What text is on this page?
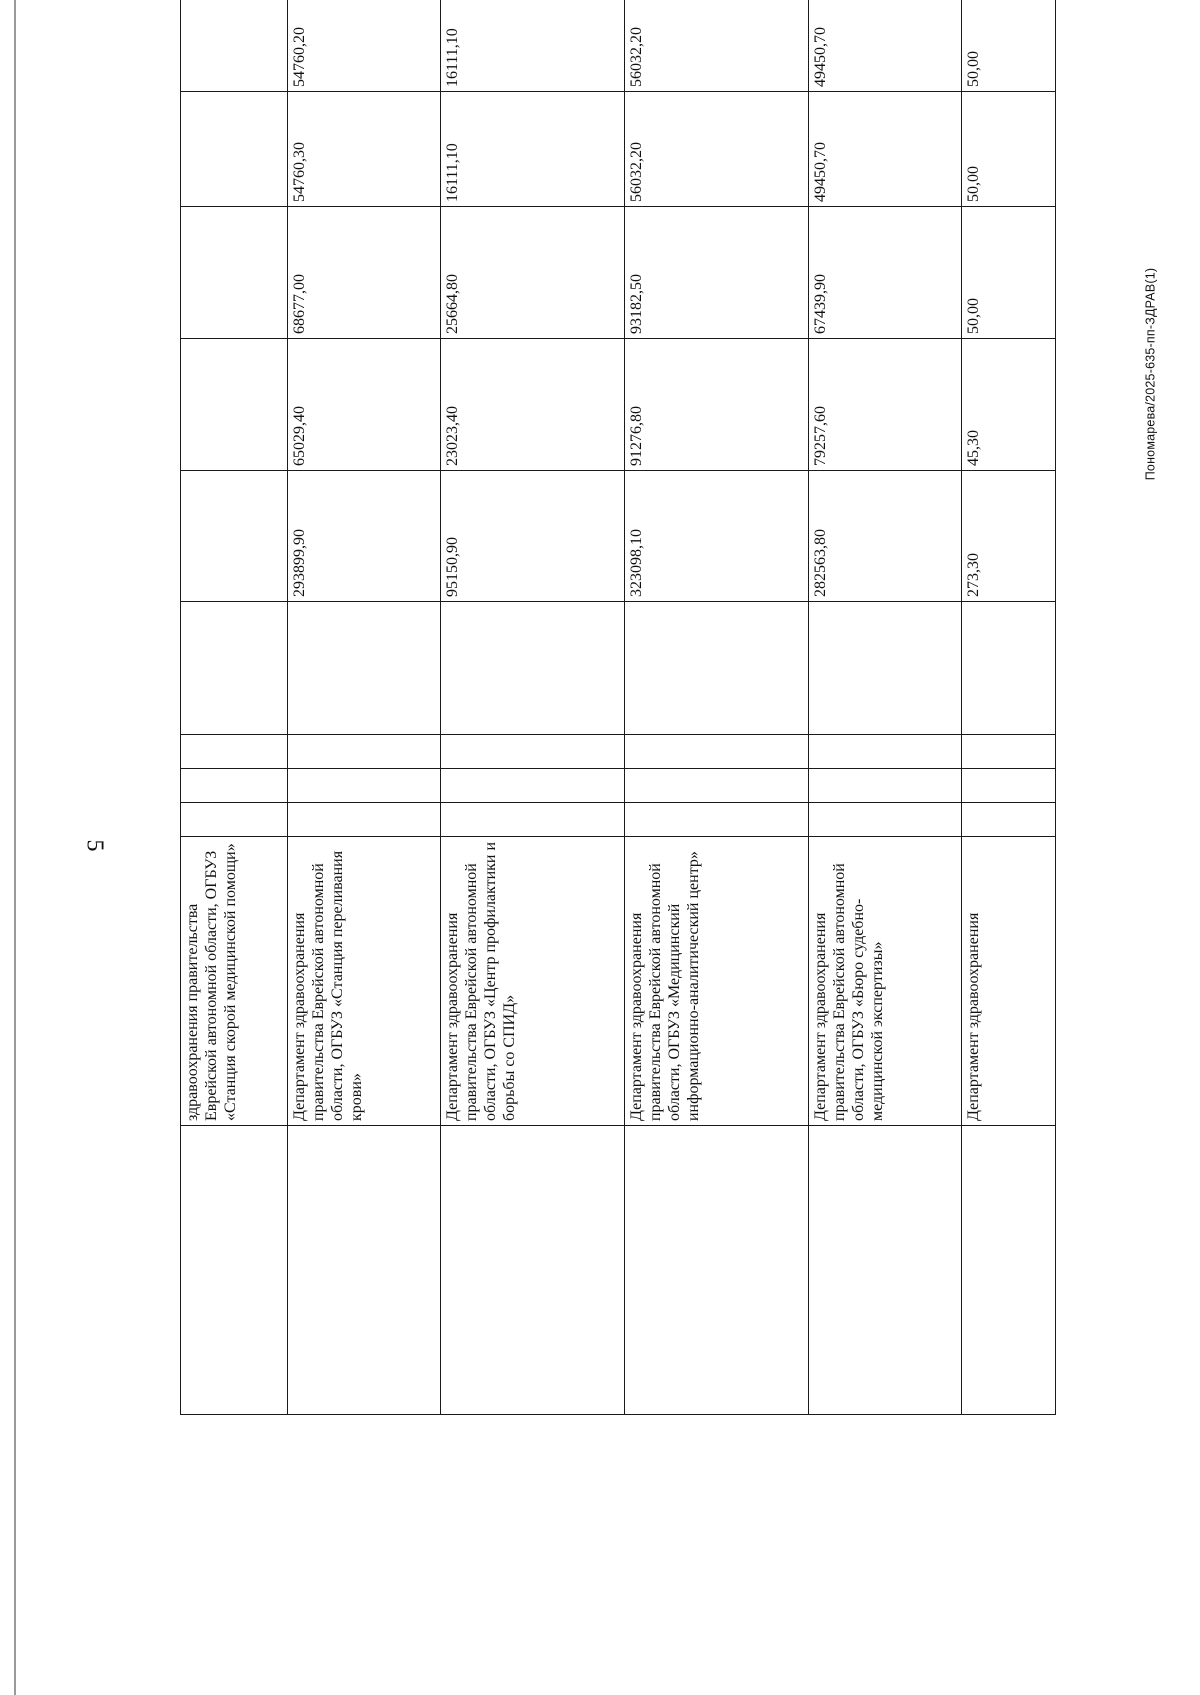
5
Пономарева/2025-635-пп-ЗДРАВ(1)
	здравоохранения правительства Еврейской автономной области, ОГБУЗ «Станция скорой медицинской помощи»										
	Департамент здравоохранения правительства Еврейской автономной области, ОГБУЗ «Станция переливания крови»					293899,90	65029,40	68677,00	54760,30	54760,20	
	Департамент здравоохранения правительства Еврейской автономной области, ОГБУЗ «Центр профилактики и борьбы со СПИД»					95150,90	23023,40	25664,80	16111,10	16111,10	
	Департамент здравоохранения правительства Еврейской автономной области, ОГБУЗ «Медицинский информационно-аналитический центр»					323098,10	91276,80	93182,50	56032,20	56032,20	
	Департамент здравоохранения правительства Еврейской автономной области, ОГБУЗ «Бюро судебно-медицинской экспертизы»					282563,80	79257,60	67439,90	49450,70	49450,70	
	Департамент здравоохранения					273,30	45,30	50,00	50,00	50,00	
